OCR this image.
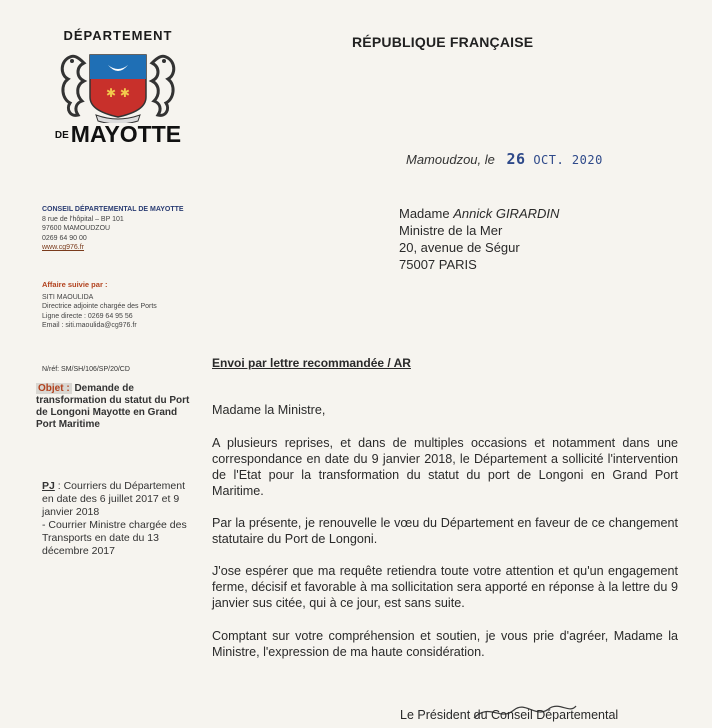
DÉPARTEMENT
✱ ✱
DEMAYOTTE
RÉPUBLIQUE FRANÇAISE
Mamoudzou, le 26 OCT. 2020
Madame Annick GIRARDIN
Ministre de la Mer
20, avenue de Ségur
75007 PARIS
CONSEIL DÉPARTEMENTAL DE MAYOTTE
8 rue de l'hôpital – BP 101
97600 MAMOUDZOU
0269 64 90 00
www.cg976.fr
Affaire suivie par :
SITI MAOULIDA
Directrice adjointe chargée des Ports
Ligne directe : 0269 64 95 56
Email : siti.maoulida@cg976.fr
N/réf: SM/SH/106/SP/20/CD
Objet : Demande de transformation du statut du Port de Longoni Mayotte en Grand Port Maritime
PJ : Courriers du Département en date des 6 juillet 2017 et 9 janvier 2018
- Courrier Ministre chargée des Transports en date du 13 décembre 2017
Envoi par lettre recommandée / AR
Madame la Ministre,
A plusieurs reprises, et dans de multiples occasions et notamment dans une correspondance en date du 9 janvier 2018, le Département a sollicité l'intervention de l'Etat pour la transformation du statut du port de Longoni en Grand Port Maritime.
Par la présente, je renouvelle le vœu du Département en faveur de ce changement statutaire du Port de Longoni.
J'ose espérer que ma requête retiendra toute votre attention et qu'un engagement ferme, décisif et favorable à ma sollicitation sera apporté en réponse à la lettre du 9 janvier sus citée, qui à ce jour, est sans suite.
Comptant sur votre compréhension et soutien, je vous prie d'agréer, Madame la Ministre, l'expression de ma haute considération.
Le Président du Conseil Départemental
